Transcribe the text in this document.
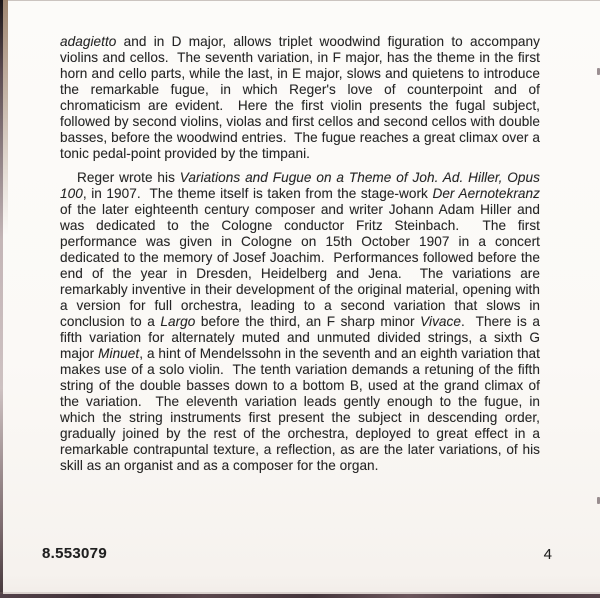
adagietto and in D major, allows triplet woodwind figuration to accompany violins and cellos.  The seventh variation, in F major, has the theme in the first horn and cello parts, while the last, in E major, slows and quietens to introduce the remarkable fugue, in which Reger's love of counterpoint and of chromaticism are evident.  Here the first violin presents the fugal subject, followed by second violins, violas and first cellos and second cellos with double basses, before the woodwind entries.  The fugue reaches a great climax over a tonic pedal-point provided by the timpani.

Reger wrote his Variations and Fugue on a Theme of Joh. Ad. Hiller, Opus 100, in 1907.  The theme itself is taken from the stage-work Der Aernotekranz of the later eighteenth century composer and writer Johann Adam Hiller and was dedicated to the Cologne conductor Fritz Steinbach.  The first performance was given in Cologne on 15th October 1907 in a concert dedicated to the memory of Josef Joachim.  Performances followed before the end of the year in Dresden, Heidelberg and Jena.  The variations are remarkably inventive in their development of the original material, opening with a version for full orchestra, leading to a second variation that slows in conclusion to a Largo before the third, an F sharp minor Vivace.  There is a fifth variation for alternately muted and unmuted divided strings, a sixth G major Minuet, a hint of Mendelssohn in the seventh and an eighth variation that makes use of a solo violin.  The tenth variation demands a retuning of the fifth string of the double basses down to a bottom B, used at the grand climax of the variation.  The eleventh variation leads gently enough to the fugue, in which the string instruments first present the subject in descending order, gradually joined by the rest of the orchestra, deployed to great effect in a remarkable contrapuntal texture, a reflection, as are the later variations, of his skill as an organist and as a composer for the organ.

8.553079	4
